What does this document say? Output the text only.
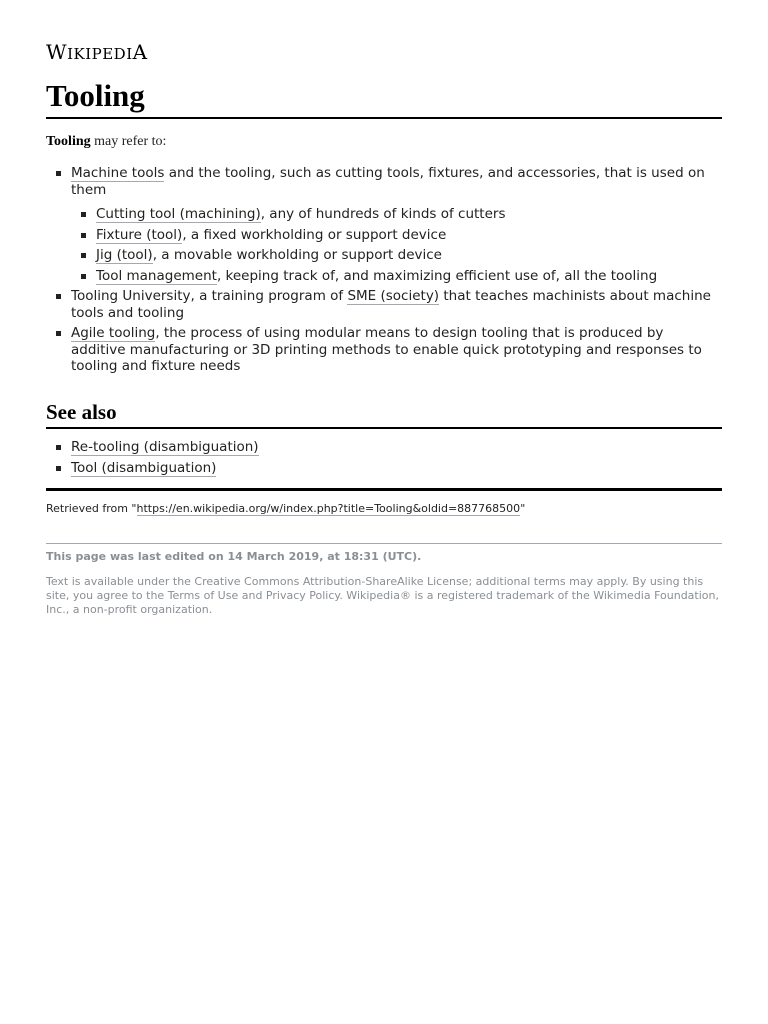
WIKIPEDIA
Tooling
Tooling may refer to:
Machine tools and the tooling, such as cutting tools, fixtures, and accessories, that is used on them
Cutting tool (machining), any of hundreds of kinds of cutters
Fixture (tool), a fixed workholding or support device
Jig (tool), a movable workholding or support device
Tool management, keeping track of, and maximizing efficient use of, all the tooling
Tooling University, a training program of SME (society) that teaches machinists about machine tools and tooling
Agile tooling, the process of using modular means to design tooling that is produced by additive manufacturing or 3D printing methods to enable quick prototyping and responses to tooling and fixture needs
See also
Re-tooling (disambiguation)
Tool (disambiguation)
Retrieved from "https://en.wikipedia.org/w/index.php?title=Tooling&oldid=887768500"
This page was last edited on 14 March 2019, at 18:31 (UTC).
Text is available under the Creative Commons Attribution-ShareAlike License; additional terms may apply. By using this site, you agree to the Terms of Use and Privacy Policy. Wikipedia® is a registered trademark of the Wikimedia Foundation, Inc., a non-profit organization.
